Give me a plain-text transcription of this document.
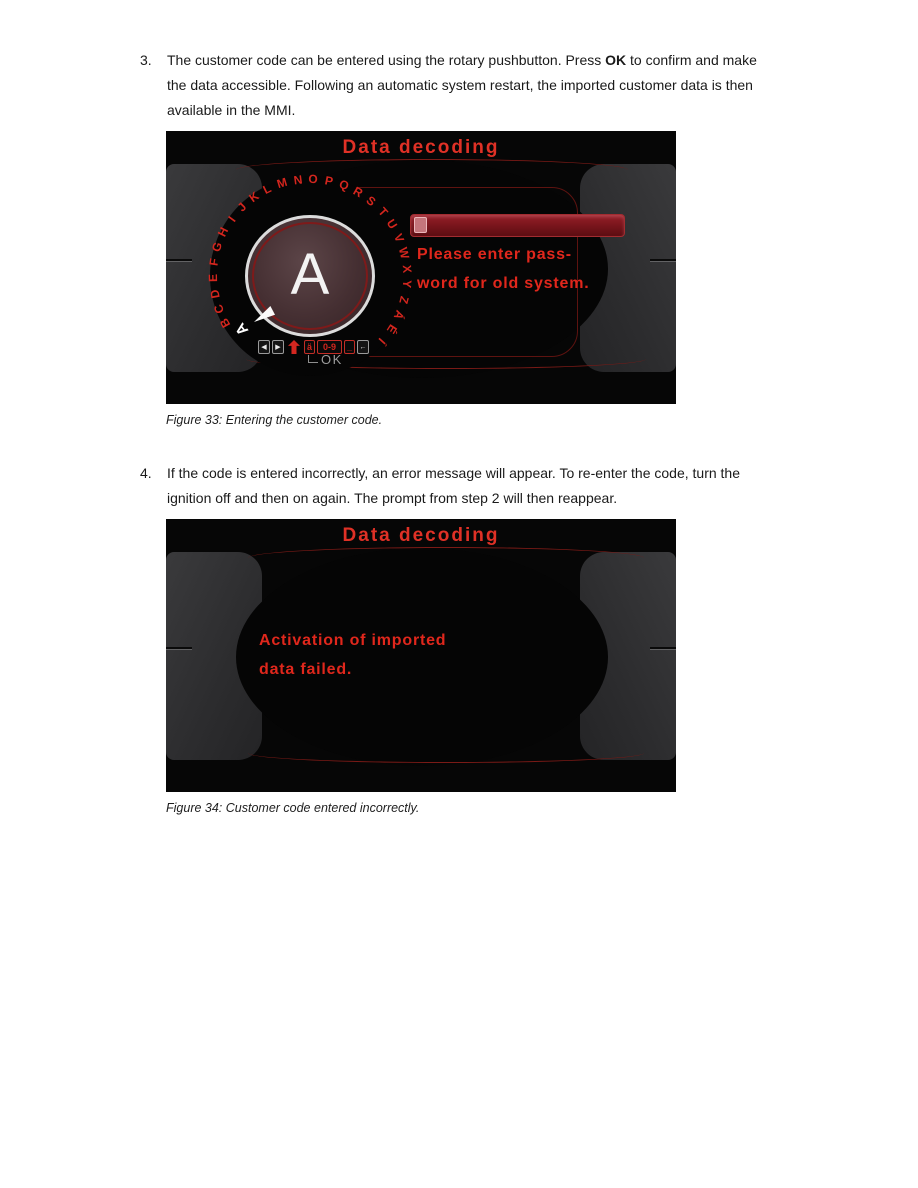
3.	The customer code can be entered using the rotary pushbutton. Press OK to confirm and make the data accessible. Following an automatic system restart, the imported customer data is then available in the MMI.
Data decoding
A
B
C
D
E
F
G
H
I
J
K L M N O P Q R
S
T
U
V
W
X
Y
Z
Á
É
Í
A	Please enter pass-
word for old system.
◀	▶	ä	0-9	_	←
OK
Figure 33: Entering the customer code.
4.	If the code is entered incorrectly, an error message will appear. To re-enter the code, turn the ignition off and then on again. The prompt from step 2 will then reappear.
Data decoding
Activation of imported
data failed.
Figure 34: Customer code entered incorrectly.
